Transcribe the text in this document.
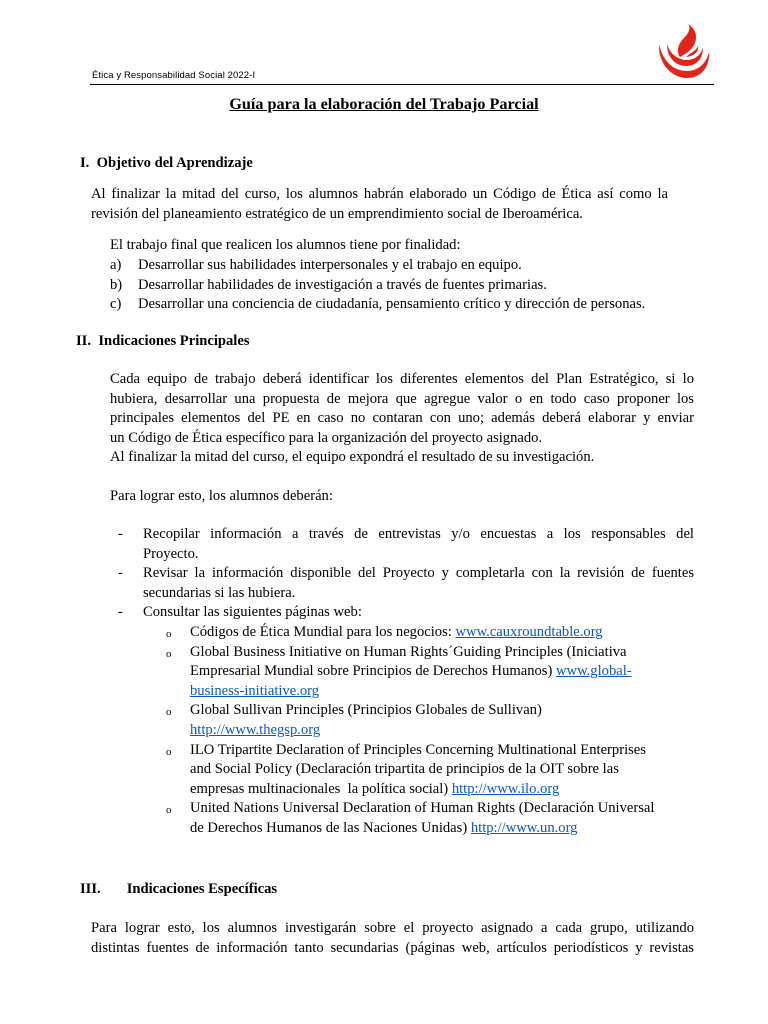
Ética y Responsabilidad Social 2022-I
Guía para la elaboración del Trabajo Parcial
I. Objetivo del Aprendizaje
Al finalizar la mitad del curso, los alumnos habrán elaborado un Código de Ética así como la
revisión del planeamiento estratégico de un emprendimiento social de Iberoamérica.
El trabajo final que realicen los alumnos tiene por finalidad:
a) Desarrollar sus habilidades interpersonales y el trabajo en equipo.
b) Desarrollar habilidades de investigación a través de fuentes primarias.
c) Desarrollar una conciencia de ciudadanía, pensamiento crítico y dirección de personas.
II. Indicaciones Principales
Cada equipo de trabajo deberá identificar los diferentes elementos del Plan Estratégico, si lo
hubiera, desarrollar una propuesta de mejora que agregue valor o en todo caso proponer los
principales elementos del PE en caso no contaran con uno; además deberá elaborar y enviar
un Código de Ética específico para la organización del proyecto asignado.
Al finalizar la mitad del curso, el equipo expondrá el resultado de su investigación.
Para lograr esto, los alumnos deberán:
- Recopilar información a través de entrevistas y/o encuestas a los responsables del
Proyecto.
- Revisar la información disponible del Proyecto y completarla con la revisión de fuentes
secundarias si las hubiera.
- Consultar las siguientes páginas web:
o Códigos de Ética Mundial para los negocios: www.cauxroundtable.org
o Global Business Initiative on Human Rights´Guiding Principles (Iniciativa
Empresarial Mundial sobre Principios de Derechos Humanos) www.global-
business-initiative.org
o Global Sullivan Principles (Principios Globales de Sullivan)
http://www.thegsp.org
o ILO Tripartite Declaration of Principles Concerning Multinational Enterprises
and Social Policy (Declaración tripartita de principios de la OIT sobre las
empresas multinacionales  la política social) http://www.ilo.org
o United Nations Universal Declaration of Human Rights (Declaración Universal
de Derechos Humanos de las Naciones Unidas) http://www.un.org
III. Indicaciones Específicas
Para lograr esto, los alumnos investigarán sobre el proyecto asignado a cada grupo, utilizando
distintas fuentes de información tanto secundarias (páginas web, artículos periodísticos y revistas
